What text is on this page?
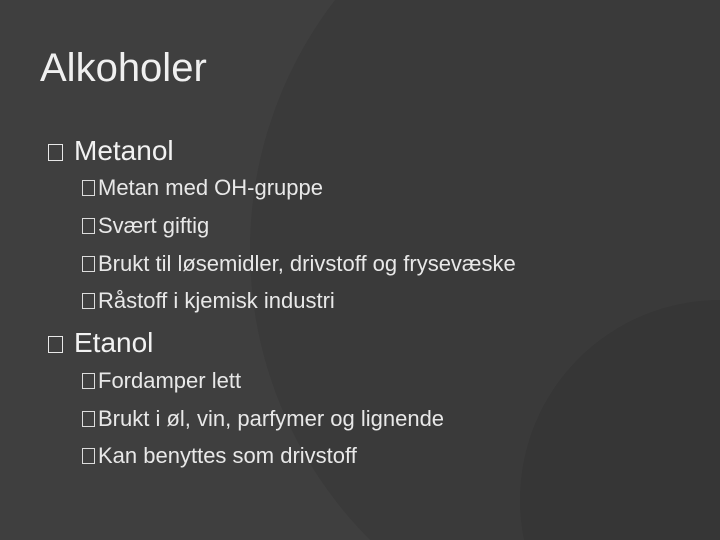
Alkoholer
Metanol
Metan med OH-gruppe
Svært giftig
Brukt til løsemidler, drivstoff og frysevæske
Råstoff i kjemisk industri
Etanol
Fordamper lett
Brukt i øl, vin, parfymer og lignende
Kan benyttes som drivstoff
